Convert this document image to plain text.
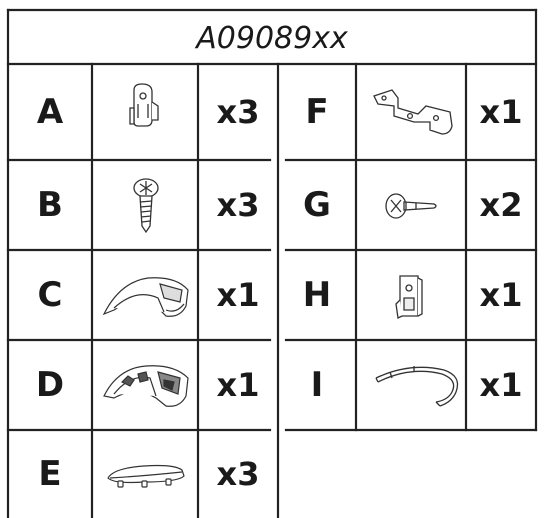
A09089xx
A	x3
B	x3
C	x1
D	x1
E	x3
F	x1
G	x2
H	x1
I	x1
